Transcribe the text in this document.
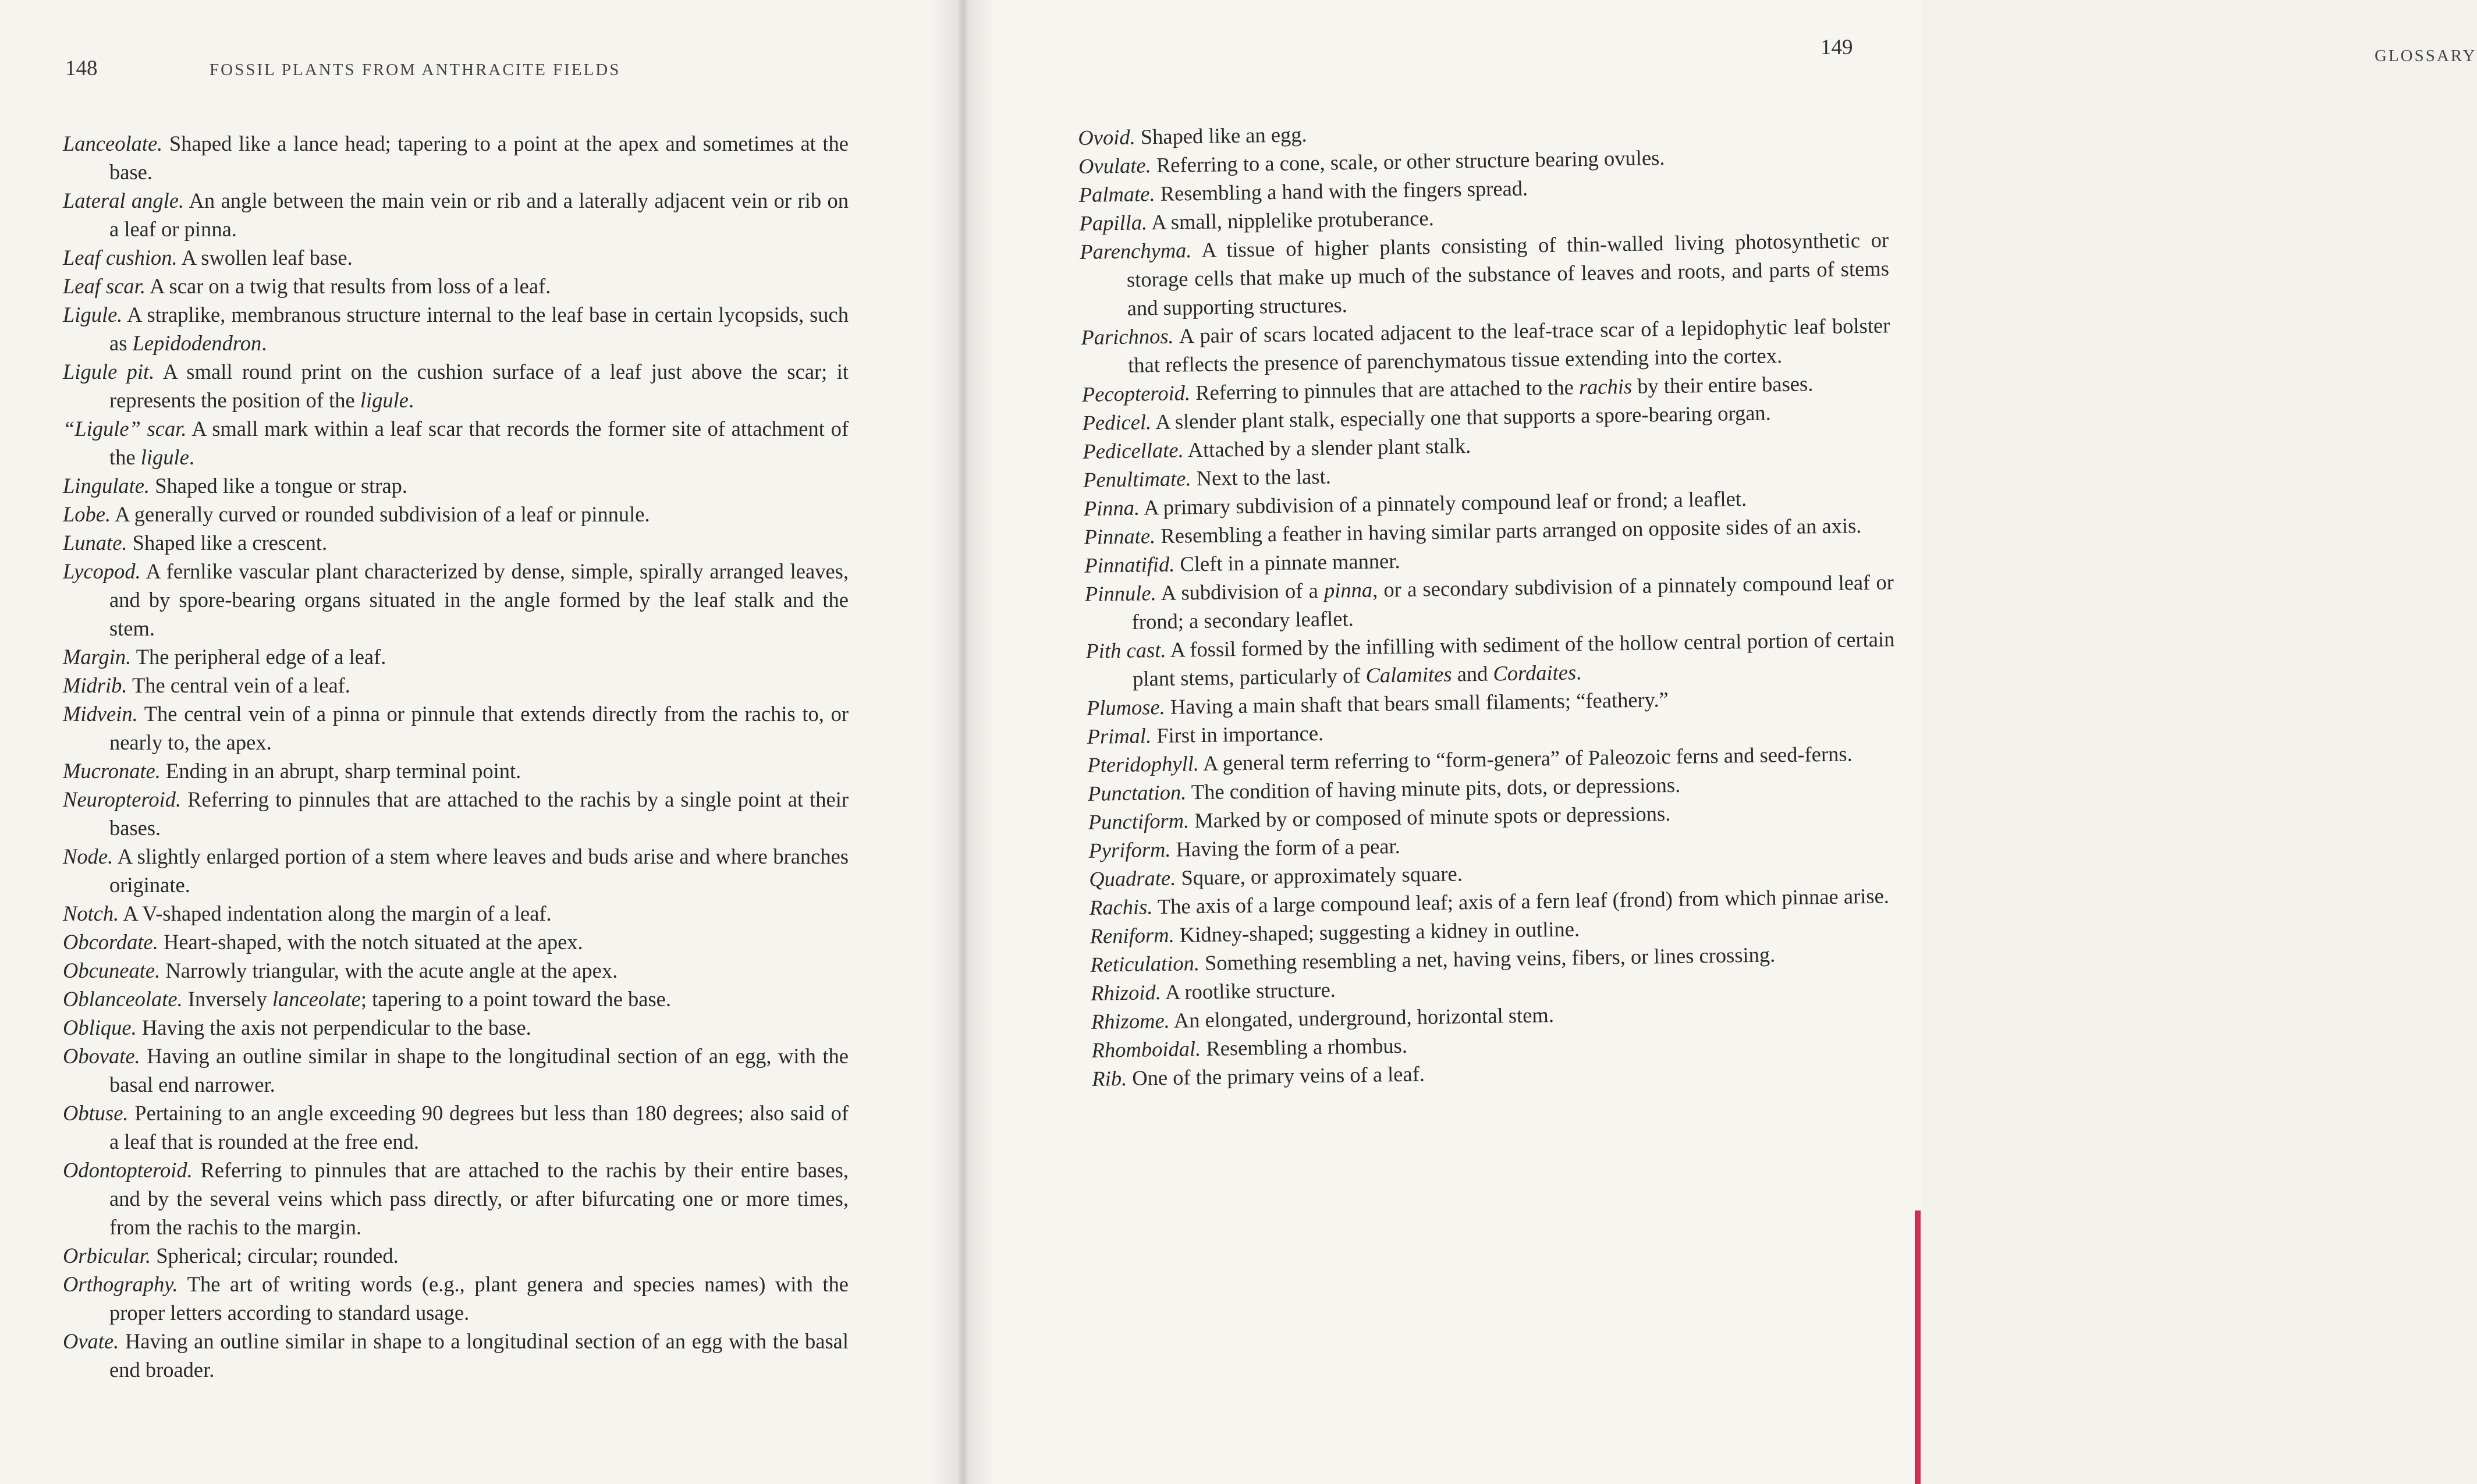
148	FOSSIL PLANTS FROM ANTHRACITE FIELDS

Lanceolate. Shaped like a lance head; tapering to a point at the apex and sometimes at the base.

Lateral angle. An angle between the main vein or rib and a laterally adjacent vein or rib on a leaf or pinna.

Leaf cushion. A swollen leaf base.

Leaf scar. A scar on a twig that results from loss of a leaf.

Ligule. A straplike, membranous structure internal to the leaf base in certain lycopsids, such as Lepidodendron.

Ligule pit. A small round print on the cushion surface of a leaf just above the scar; it represents the position of the ligule.

“Ligule” scar. A small mark within a leaf scar that records the former site of attachment of the ligule.

Lingulate. Shaped like a tongue or strap.

Lobe. A generally curved or rounded subdivision of a leaf or pinnule.

Lunate. Shaped like a crescent.

Lycopod. A fernlike vascular plant characterized by dense, simple, spirally arranged leaves, and by spore-bearing organs situated in the angle formed by the leaf stalk and the stem.

Margin. The peripheral edge of a leaf.

Midrib. The central vein of a leaf.

Midvein. The central vein of a pinna or pinnule that extends directly from the rachis to, or nearly to, the apex.

Mucronate. Ending in an abrupt, sharp terminal point.

Neuropteroid. Referring to pinnules that are attached to the rachis by a single point at their bases.

Node. A slightly enlarged portion of a stem where leaves and buds arise and where branches originate.

Notch. A V-shaped indentation along the margin of a leaf.

Obcordate. Heart-shaped, with the notch situated at the apex.

Obcuneate. Narrowly triangular, with the acute angle at the apex.

Oblanceolate. Inversely lanceolate; tapering to a point toward the base.

Oblique. Having the axis not perpendicular to the base.

Obovate. Having an outline similar in shape to the longitudinal section of an egg, with the basal end narrower.

Obtuse. Pertaining to an angle exceeding 90 degrees but less than 180 degrees; also said of a leaf that is rounded at the free end.

Odontopteroid. Referring to pinnules that are attached to the rachis by their entire bases, and by the several veins which pass directly, or after bifurcating one or more times, from the rachis to the margin.

Orbicular. Spherical; circular; rounded.

Orthography. The art of writing words (e.g., plant genera and species names) with the proper letters according to standard usage.

Ovate. Having an outline similar in shape to a longitudinal section of an egg with the basal end broader.

GLOSSARY
149

Ovoid. Shaped like an egg.

Ovulate. Referring to a cone, scale, or other structure bearing ovules.

Palmate. Resembling a hand with the fingers spread.

Papilla. A small, nipplelike protuberance.

Parenchyma. A tissue of higher plants consisting of thin-walled living photosynthetic or storage cells that make up much of the substance of leaves and roots, and parts of stems and supporting structures.

Parichnos. A pair of scars located adjacent to the leaf-trace scar of a lepidophytic leaf bolster that reflects the presence of parenchymatous tissue extending into the cortex.

Pecopteroid. Referring to pinnules that are attached to the rachis by their entire bases.

Pedicel. A slender plant stalk, especially one that supports a spore-bearing organ.

Pedicellate. Attached by a slender plant stalk.

Penultimate. Next to the last.

Pinna. A primary subdivision of a pinnately compound leaf or frond; a leaflet.

Pinnate. Resembling a feather in having similar parts arranged on opposite sides of an axis.

Pinnatifid. Cleft in a pinnate manner.

Pinnule. A subdivision of a pinna, or a secondary subdivision of a pinnately compound leaf or frond; a secondary leaflet.

Pith cast. A fossil formed by the infilling with sediment of the hollow central portion of certain plant stems, particularly of Calamites and Cordaites.

Plumose. Having a main shaft that bears small filaments; “feathery.”

Primal. First in importance.

Pteridophyll. A general term referring to “form-genera” of Paleozoic ferns and seed-ferns.

Punctation. The condition of having minute pits, dots, or depressions.

Punctiform. Marked by or composed of minute spots or depressions.

Pyriform. Having the form of a pear.

Quadrate. Square, or approximately square.

Rachis. The axis of a large compound leaf; axis of a fern leaf (frond) from which pinnae arise.

Reniform. Kidney-shaped; suggesting a kidney in outline.

Reticulation. Something resembling a net, having veins, fibers, or lines crossing.

Rhizoid. A rootlike structure.

Rhizome. An elongated, underground, horizontal stem.

Rhomboidal. Resembling a rhombus.

Rib. One of the primary veins of a leaf.
